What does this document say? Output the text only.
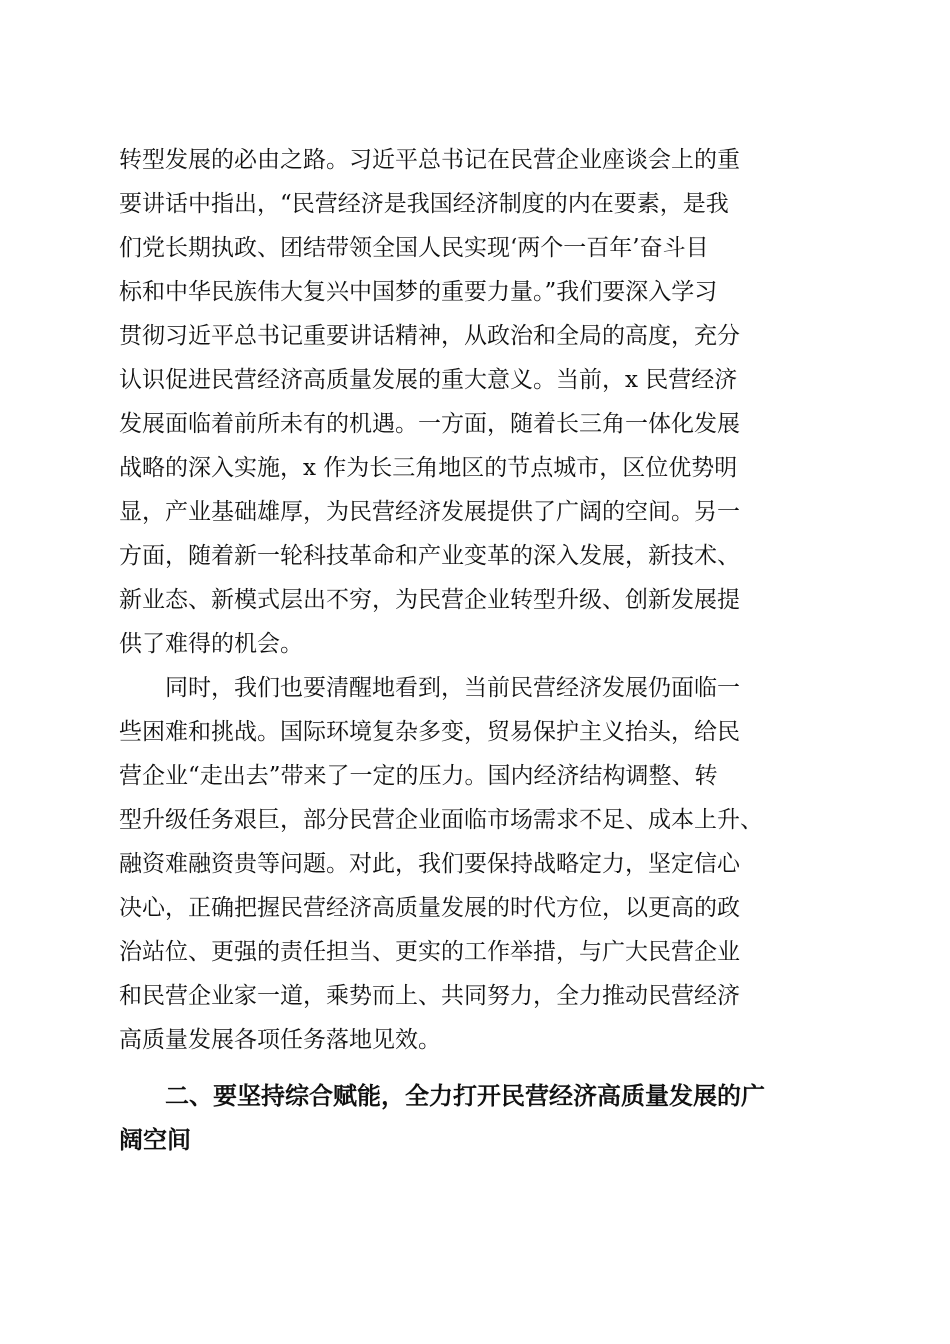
转型发展的必由之路。习近平总书记在民营企业座谈会上的重
要讲话中指出，“民营经济是我国经济制度的内在要素，是我
们党长期执政、团结带领全国人民实现‘两个一百年’奋斗目
标和中华民族伟大复兴中国梦的重要力量。”我们要深入学习
贯彻习近平总书记重要讲话精神，从政治和全局的高度，充分
认识促进民营经济高质量发展的重大意义。当前，x 民营经济
发展面临着前所未有的机遇。一方面，随着长三角一体化发展
战略的深入实施，x 作为长三角地区的节点城市，区位优势明
显，产业基础雄厚，为民营经济发展提供了广阔的空间。另一
方面，随着新一轮科技革命和产业变革的深入发展，新技术、
新业态、新模式层出不穷，为民营企业转型升级、创新发展提
供了难得的机会。
同时，我们也要清醒地看到，当前民营经济发展仍面临一
些困难和挑战。国际环境复杂多变，贸易保护主义抬头，给民
营企业“走出去”带来了一定的压力。国内经济结构调整、转
型升级任务艰巨，部分民营企业面临市场需求不足、成本上升、
融资难融资贵等问题。对此，我们要保持战略定力，坚定信心
决心，正确把握民营经济高质量发展的时代方位，以更高的政
治站位、更强的责任担当、更实的工作举措，与广大民营企业
和民营企业家一道，乘势而上、共同努力，全力推动民营经济
高质量发展各项任务落地见效。
二、要坚持综合赋能，全力打开民营经济高质量发展的广
阔空间
